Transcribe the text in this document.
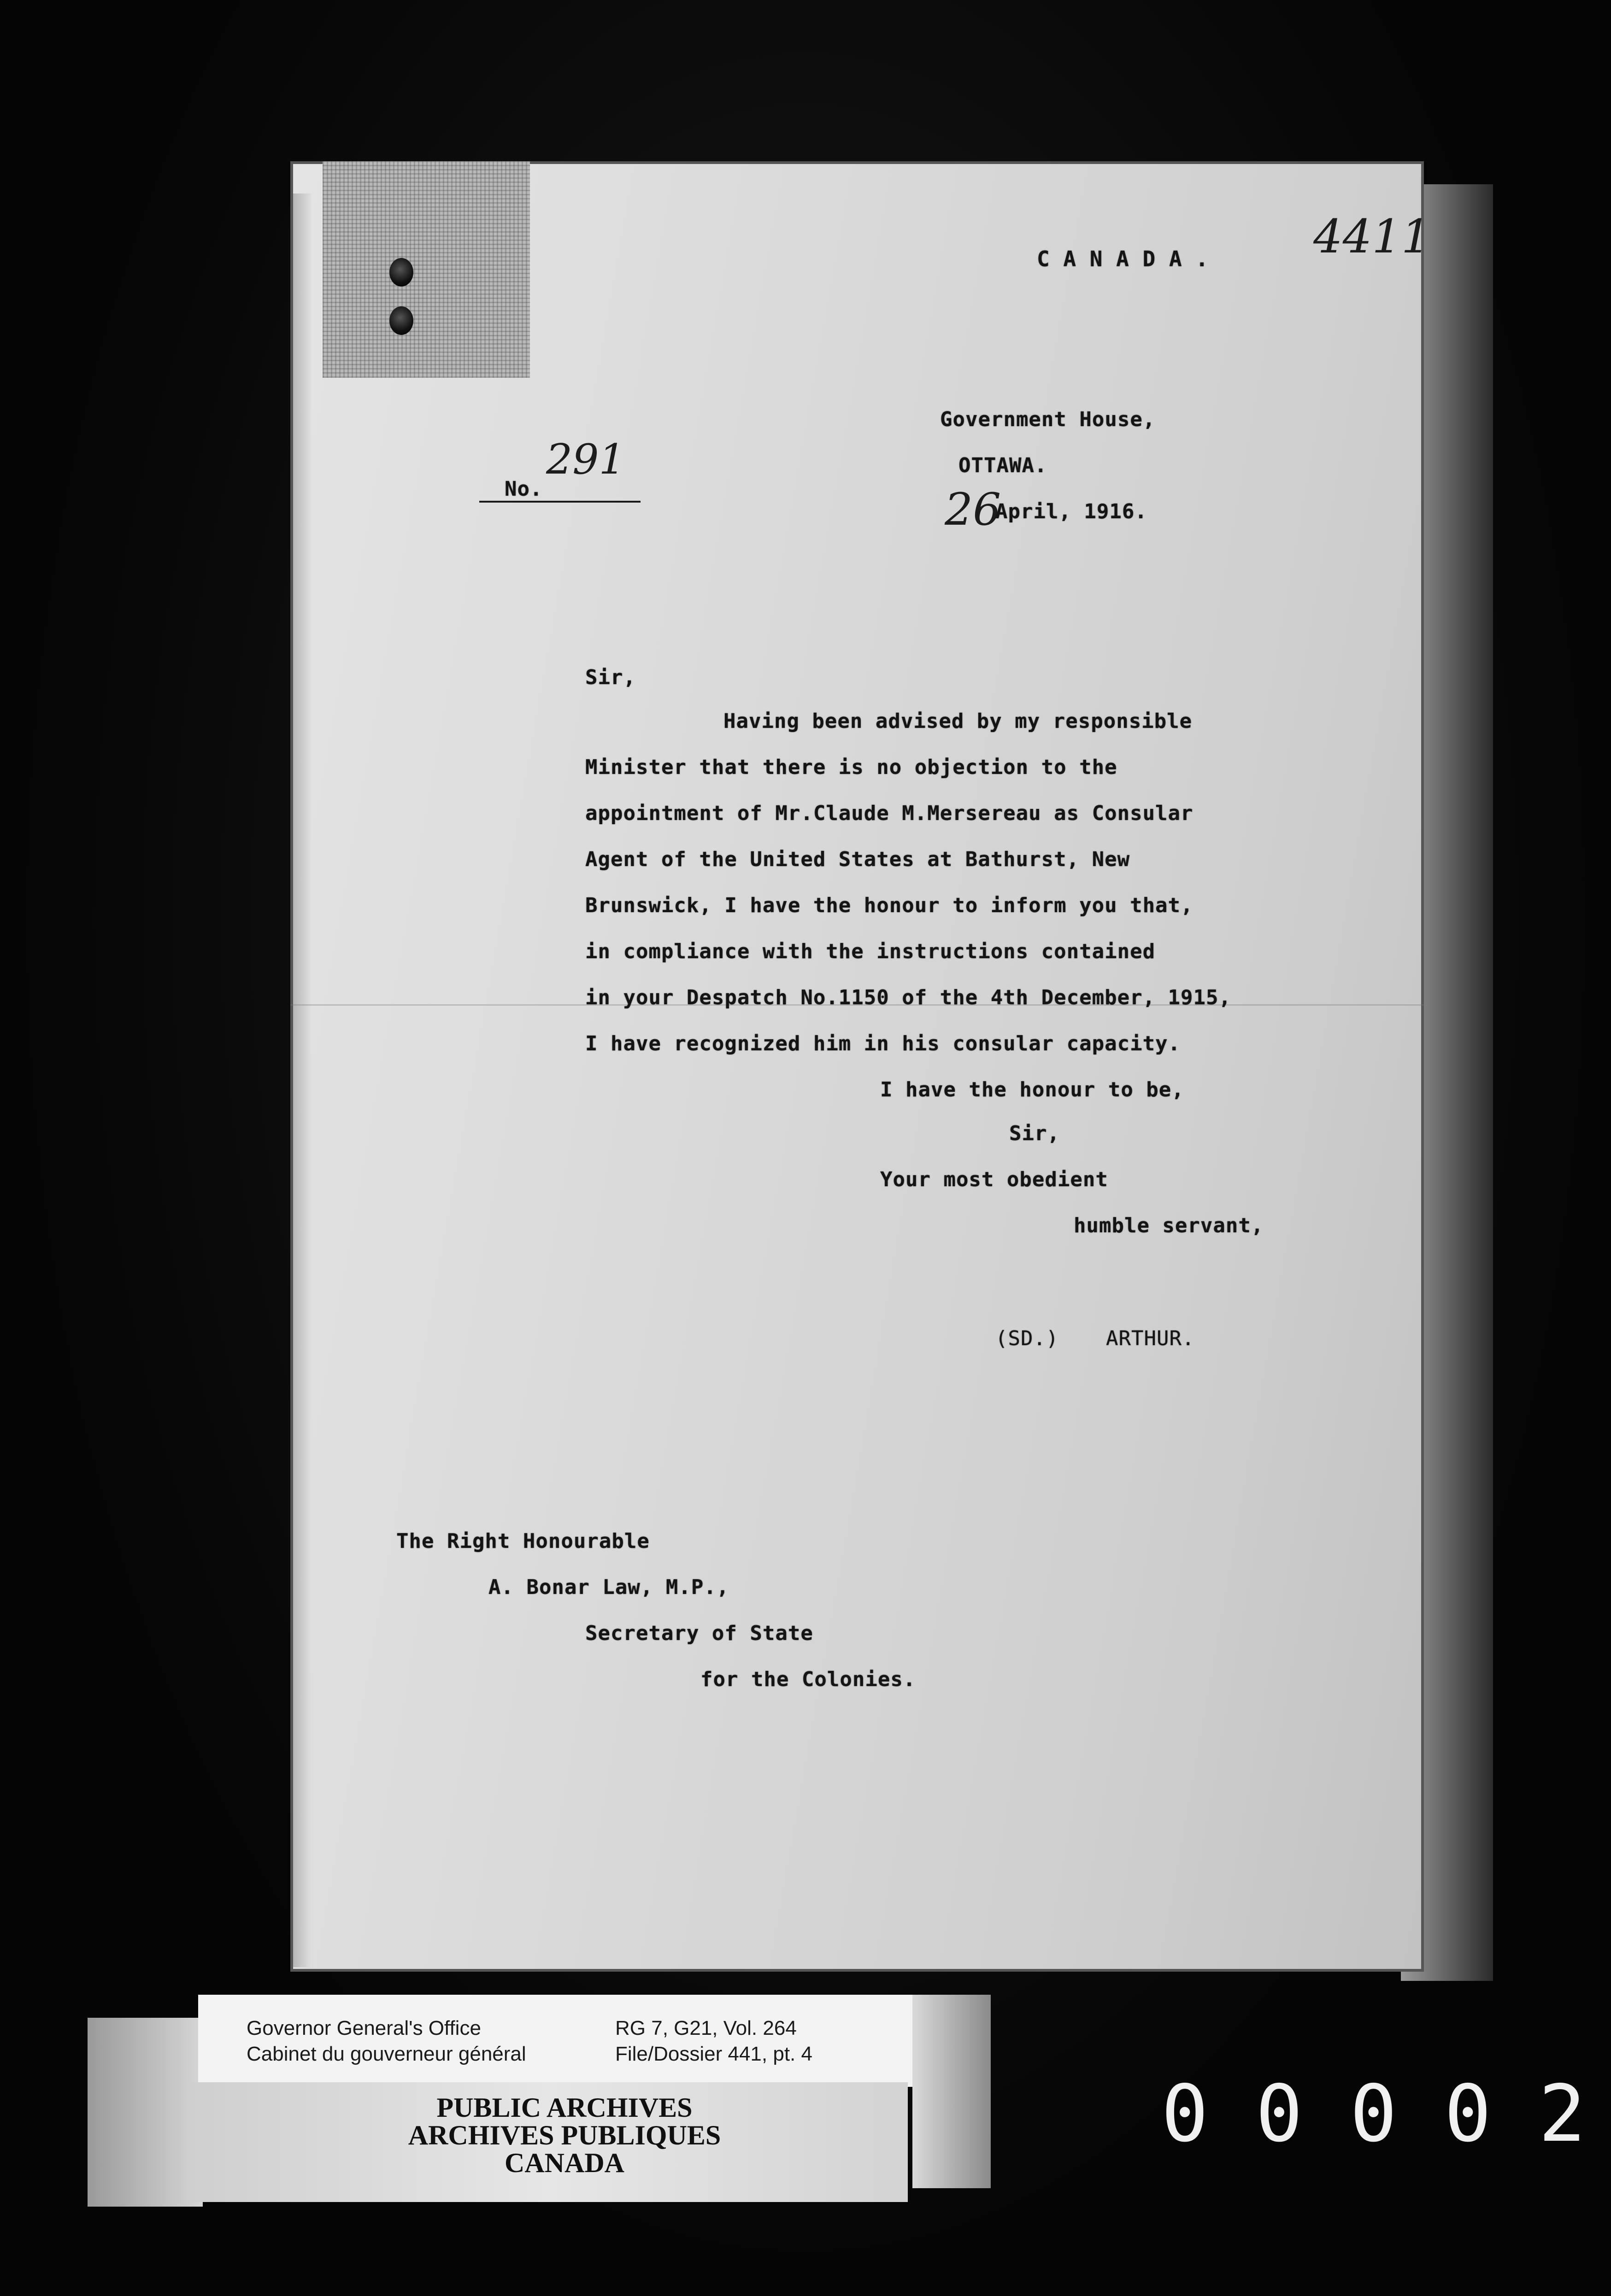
C A N A D A . 4411
Government House,
OTTAWA.
26
April, 1916.

No.

291
Sir,
Having been advised by my responsible
Minister that there is no objection to the
appointment of Mr.Claude M.Mersereau as Consular
Agent of the United States at Bathurst, New
Brunswick, I have the honour to inform you that,
in compliance with the instructions contained
in your Despatch No.1150 of the 4th December, 1915,
I have recognized him in his consular capacity.
I have the honour to be,
Sir,
Your most obedient
humble servant,
(SD.) ARTHUR.
The Right Honourable
A. Bonar Law, M.P.,
Secretary of State
for the Colonies.
Governor General's Office
Cabinet du gouverneur général
RG 7, G21, Vol. 264
File/Dossier 441, pt. 4
PUBLIC ARCHIVES
ARCHIVES PUBLIQUES
CANADA
0 0 0 0 2
